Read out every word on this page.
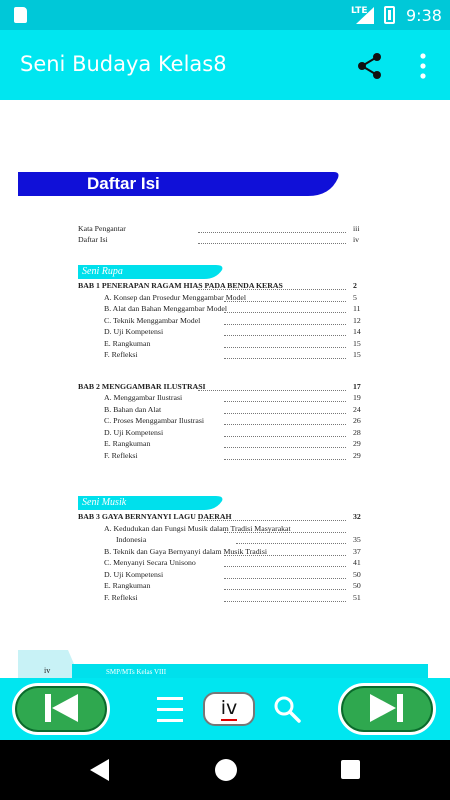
LTE 9:38
Seni Budaya Kelas8
Daftar Isi
Kata Pengantar	iii
Daftar Isi	iv
Seni Rupa
BAB 1 PENERAPAN RAGAM HIAS PADA BENDA KERAS	2
A. Konsep dan Prosedur Menggambar Model	5
B. Alat dan Bahan Menggambar Model	11
C. Teknik Menggambar Model	12
D. Uji Kompetensi	14
E. Rangkuman	15
F. Refleksi	15
BAB 2 MENGGAMBAR ILUSTRASI	17
A. Menggambar Ilustrasi	19
B. Bahan dan Alat	24
C. Proses Menggambar Ilustrasi	26
D. Uji Kompetensi	28
E. Rangkuman	29
F. Refleksi	29
Seni Musik
BAB 3 GAYA BERNYANYI LAGU DAERAH	32
A. Kedudukan dan Fungsi Musik dalam Tradisi Masyarakat
Indonesia	35
B. Teknik dan Gaya Bernyanyi dalam Musik Tradisi	37
C. Menyanyi Secara Unisono	41
D. Uji Kompetensi	50
E. Rangkuman	50
F. Refleksi	51
iv	SMP/MTs Kelas VIII
iv
